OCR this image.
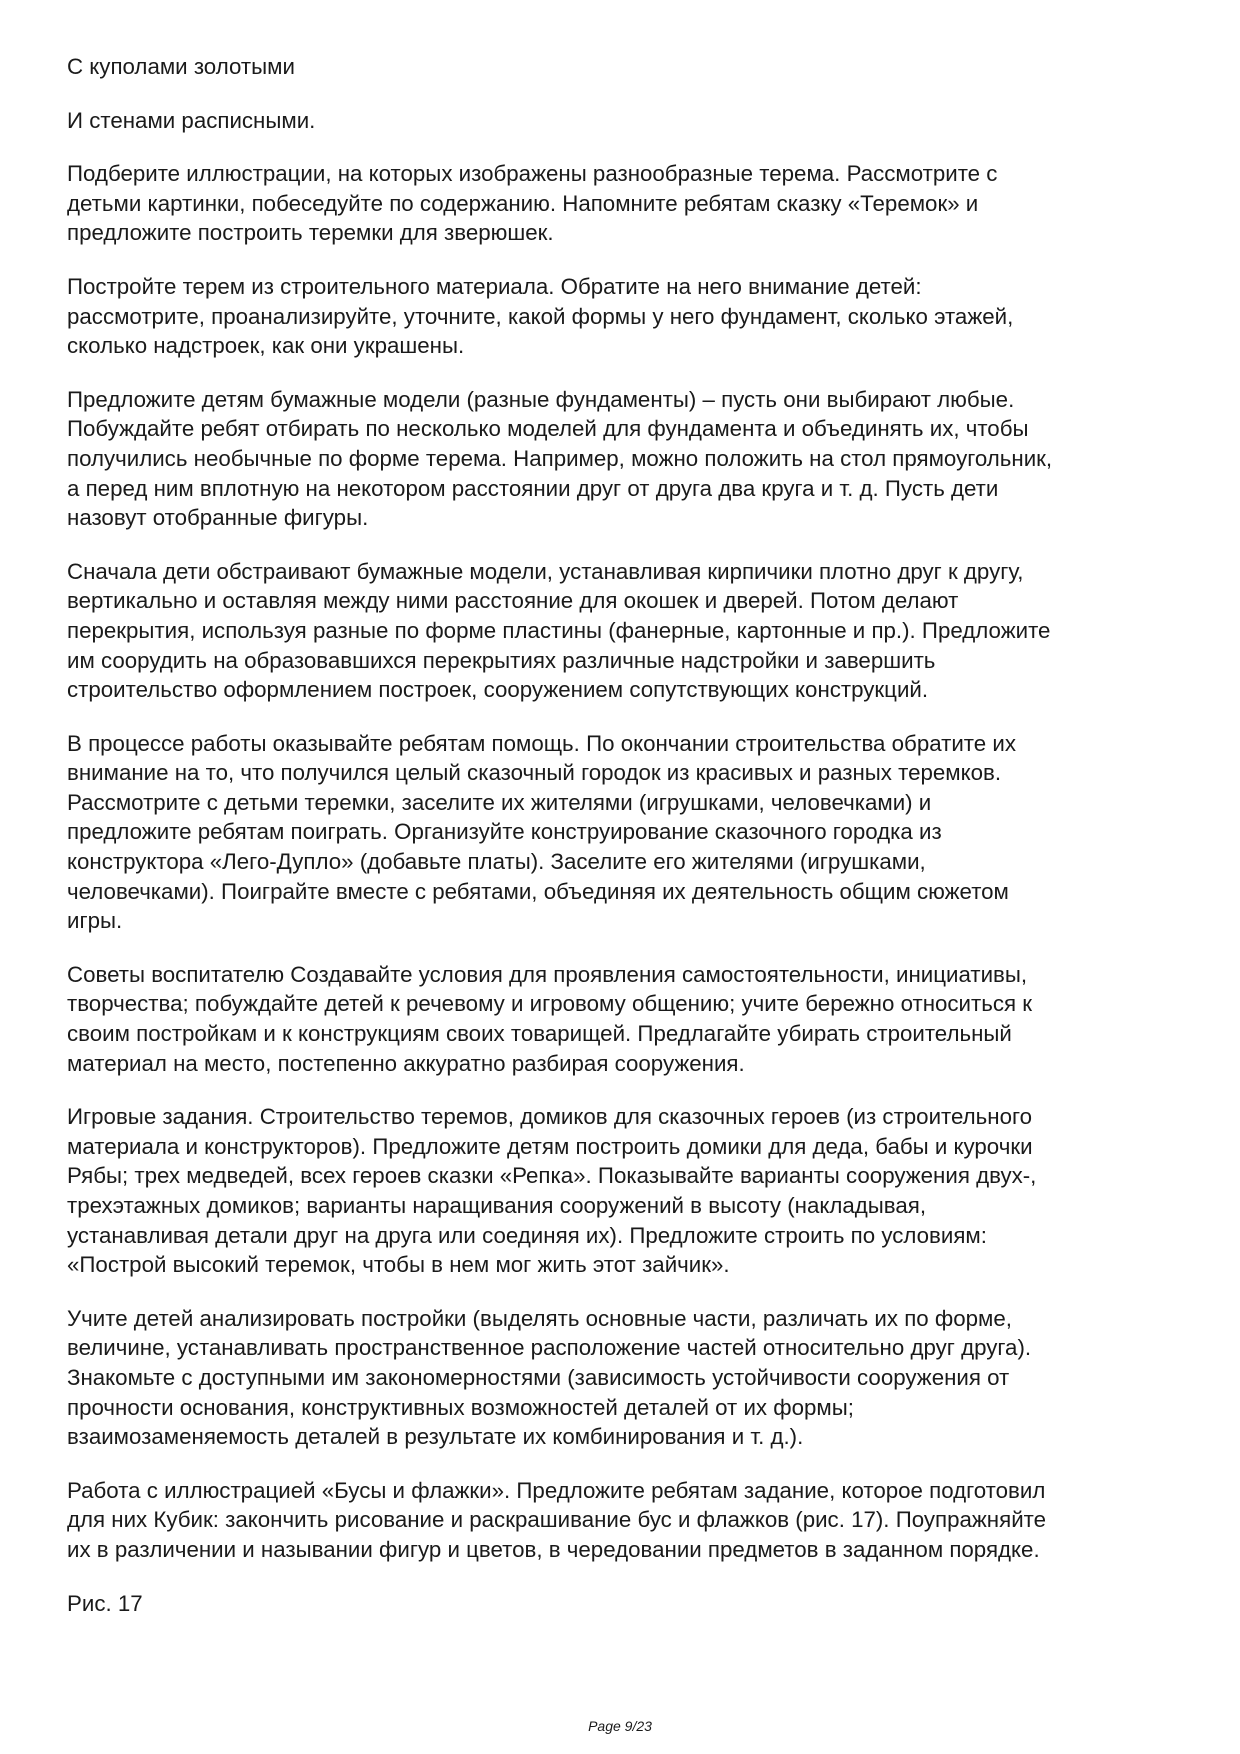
С куполами золотыми

И стенами расписными.

Подберите иллюстрации, на которых изображены разнообразные терема. Рассмотрите с
детьми картинки, побеседуйте по содержанию. Напомните ребятам сказку «Теремок» и
предложите построить теремки для зверюшек.

Постройте терем из строительного материала. Обратите на него внимание детей:
рассмотрите, проанализируйте, уточните, какой формы у него фундамент, сколько этажей,
сколько надстроек, как они украшены.

Предложите детям бумажные модели (разные фундаменты) – пусть они выбирают любые.
Побуждайте ребят отбирать по несколько моделей для фундамента и объединять их, чтобы
получились необычные по форме терема. Например, можно положить на стол прямоугольник,
а перед ним вплотную на некотором расстоянии друг от друга два круга и т. д. Пусть дети
назовут отобранные фигуры.

Сначала дети обстраивают бумажные модели, устанавливая кирпичики плотно друг к другу,
вертикально и оставляя между ними расстояние для окошек и дверей. Потом делают
перекрытия, используя разные по форме пластины (фанерные, картонные и пр.). Предложите
им соорудить на образовавшихся перекрытиях различные надстройки и завершить
строительство оформлением построек, сооружением сопутствующих конструкций.

В процессе работы оказывайте ребятам помощь. По окончании строительства обратите их
внимание на то, что получился целый сказочный городок из красивых и разных теремков.
Рассмотрите с детьми теремки, заселите их жителями (игрушками, человечками) и
предложите ребятам поиграть. Организуйте конструирование сказочного городка из
конструктора «Лего-Дупло» (добавьте платы). Заселите его жителями (игрушками,
человечками). Поиграйте вместе с ребятами, объединяя их деятельность общим сюжетом
игры.

Советы воспитателю Создавайте условия для проявления самостоятельности, инициативы,
творчества; побуждайте детей к речевому и игровому общению; учите бережно относиться к
своим постройкам и к конструкциям своих товарищей. Предлагайте убирать строительный
материал на место, постепенно аккуратно разбирая сооружения.

Игровые задания. Строительство теремов, домиков для сказочных героев (из строительного
материала и конструкторов). Предложите детям построить домики для деда, бабы и курочки
Рябы; трех медведей, всех героев сказки «Репка». Показывайте варианты сооружения двух-,
трехэтажных домиков; варианты наращивания сооружений в высоту (накладывая,
устанавливая детали друг на друга или соединяя их). Предложите строить по условиям:
«Построй высокий теремок, чтобы в нем мог жить этот зайчик».

Учите детей анализировать постройки (выделять основные части, различать их по форме,
величине, устанавливать пространственное расположение частей относительно друг друга).
Знакомьте с доступными им закономерностями (зависимость устойчивости сооружения от
прочности основания, конструктивных возможностей деталей от их формы;
взаимозаменяемость деталей в результате их комбинирования и т. д.).

Работа с иллюстрацией «Бусы и флажки». Предложите ребятам задание, которое подготовил
для них Кубик: закончить рисование и раскрашивание бус и флажков (рис. 17). Поупражняйте
их в различении и назывании фигур и цветов, в чередовании предметов в заданном порядке.

Рис. 17

Page 9/23
